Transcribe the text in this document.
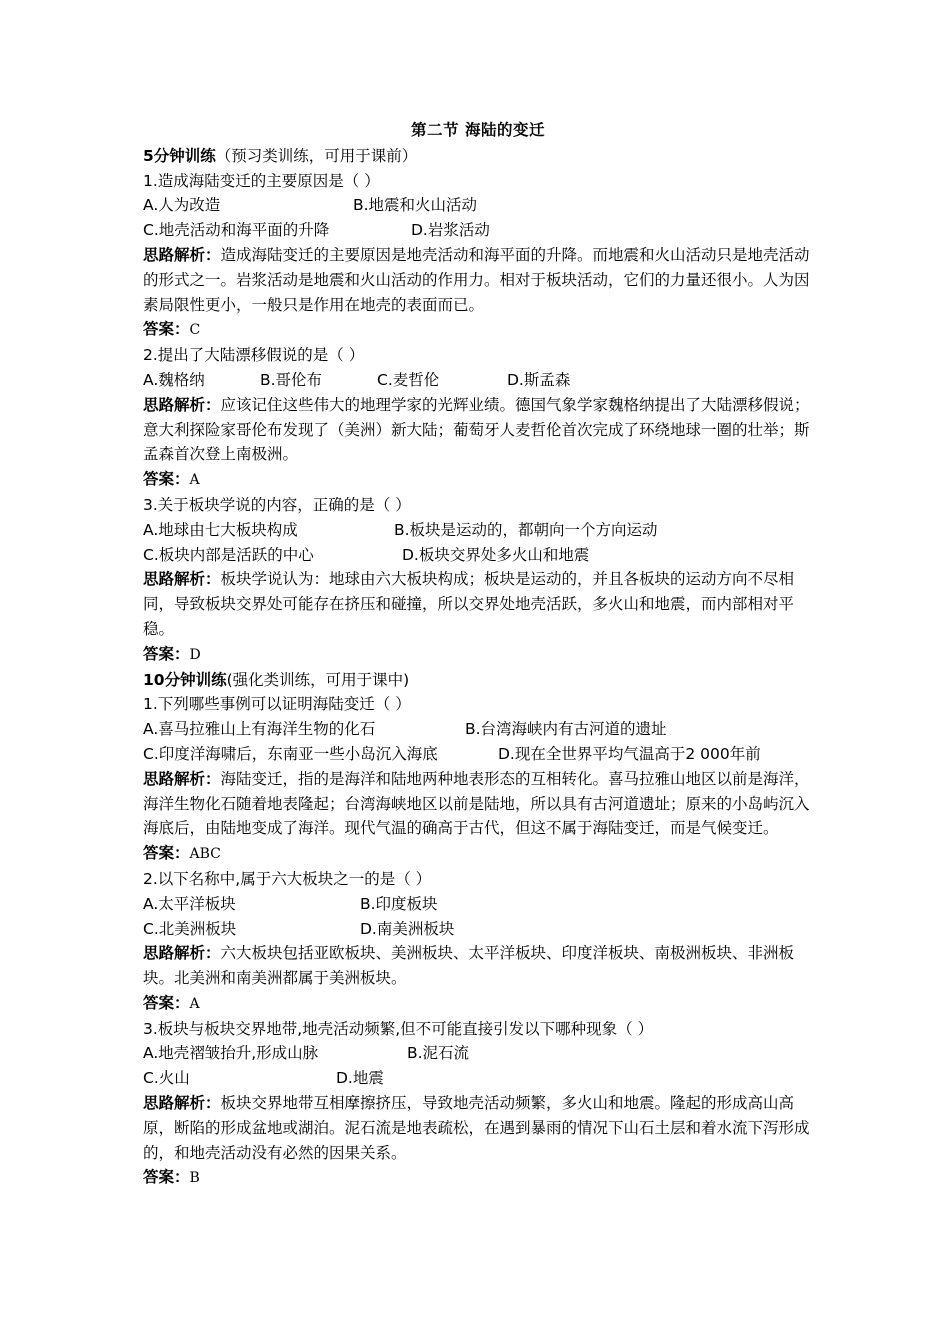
第二节 海陆的变迁
5分钟训练（预习类训练，可用于课前）
1.造成海陆变迁的主要原因是（ ）
A.人为改造	B.地震和火山活动
C.地壳活动和海平面的升降	D.岩浆活动
思路解析：造成海陆变迁的主要原因是地壳活动和海平面的升降。而地震和火山活动只是地壳活动的形式之一。岩浆活动是地震和火山活动的作用力。相对于板块活动，它们的力量还很小。人为因素局限性更小，一般只是作用在地壳的表面而已。
答案：C
2.提出了大陆漂移假说的是（ ）
A.魏格纳	B.哥伦布	C.麦哲伦	D.斯孟森
思路解析：应该记住这些伟大的地理学家的光辉业绩。德国气象学家魏格纳提出了大陆漂移假说；意大利探险家哥伦布发现了（美洲）新大陆；葡萄牙人麦哲伦首次完成了环绕地球一圈的壮举；斯孟森首次登上南极洲。
答案：A
3.关于板块学说的内容，正确的是（ ）
A.地球由七大板块构成	B.板块是运动的，都朝向一个方向运动
C.板块内部是活跃的中心	D.板块交界处多火山和地震
思路解析：板块学说认为：地球由六大板块构成；板块是运动的，并且各板块的运动方向不尽相同，导致板块交界处可能存在挤压和碰撞，所以交界处地壳活跃，多火山和地震，而内部相对平稳。
答案：D
10分钟训练(强化类训练，可用于课中)
1.下列哪些事例可以证明海陆变迁（ ）
A.喜马拉雅山上有海洋生物的化石	B.台湾海峡内有古河道的遗址
C.印度洋海啸后，东南亚一些小岛沉入海底	D.现在全世界平均气温高于2 000年前
思路解析：海陆变迁，指的是海洋和陆地两种地表形态的互相转化。喜马拉雅山地区以前是海洋，海洋生物化石随着地表隆起；台湾海峡地区以前是陆地，所以具有古河道遗址；原来的小岛屿沉入海底后，由陆地变成了海洋。现代气温的确高于古代，但这不属于海陆变迁，而是气候变迁。
答案：ABC
2.以下名称中,属于六大板块之一的是（ ）
A.太平洋板块	B.印度板块
C.北美洲板块	D.南美洲板块
思路解析：六大板块包括亚欧板块、美洲板块、太平洋板块、印度洋板块、南极洲板块、非洲板块。北美洲和南美洲都属于美洲板块。
答案：A
3.板块与板块交界地带,地壳活动频繁,但不可能直接引发以下哪种现象（ ）
A.地壳褶皱抬升,形成山脉	B.泥石流
C.火山	D.地震
思路解析：板块交界地带互相摩擦挤压，导致地壳活动频繁，多火山和地震。隆起的形成高山高原，断陷的形成盆地或湖泊。泥石流是地表疏松，在遇到暴雨的情况下山石土层和着水流下泻形成的，和地壳活动没有必然的因果关系。
答案：B
